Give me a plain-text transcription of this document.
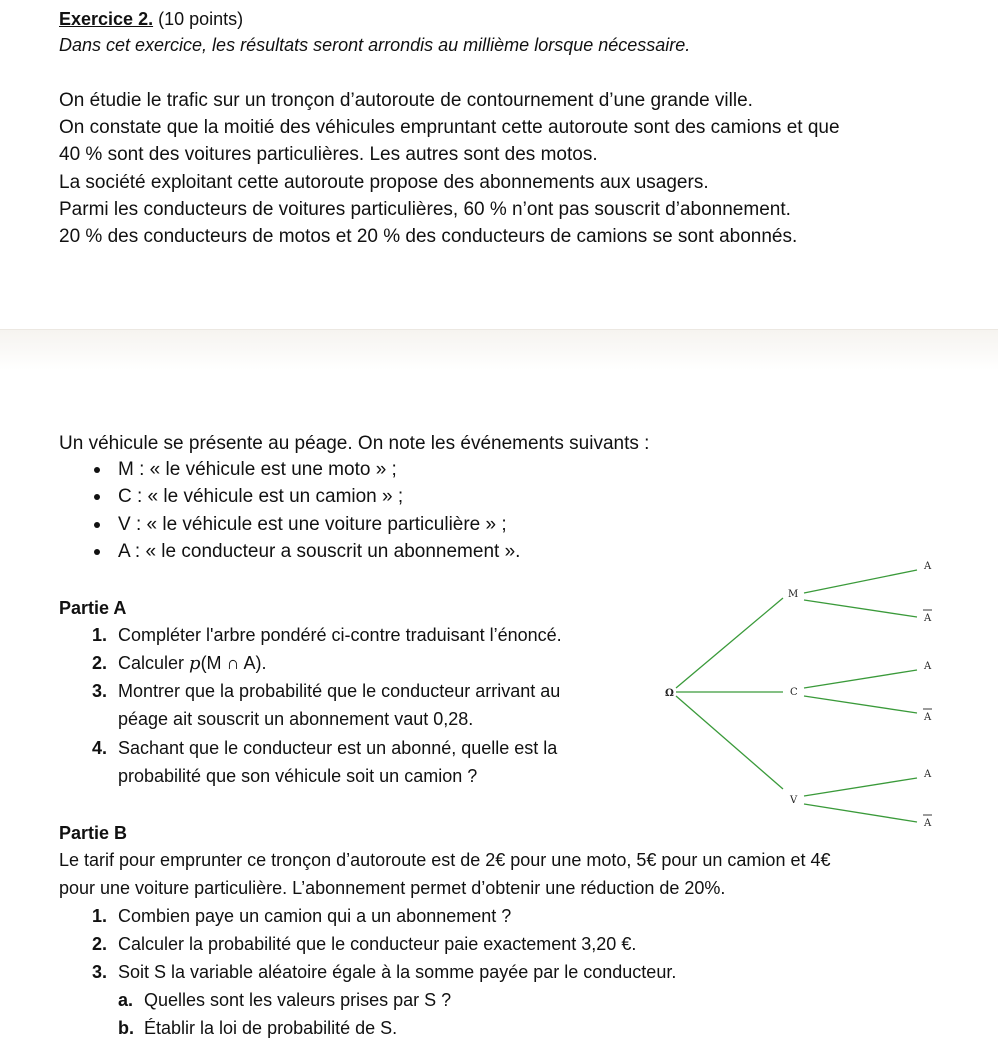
Exercice 2. (10 points)
Dans cet exercice, les résultats seront arrondis au millième lorsque nécessaire.
On étudie le trafic sur un tronçon d’autoroute de contournement d’une grande ville.
On constate que la moitié des véhicules empruntant cette autoroute sont des camions et que
40 % sont des voitures particulières. Les autres sont des motos.
La société exploitant cette autoroute propose des abonnements aux usagers.
Parmi les conducteurs de voitures particulières, 60 % n’ont pas souscrit d’abonnement.
20 % des conducteurs de motos et 20 % des conducteurs de camions se sont abonnés.
Un véhicule se présente au péage. On note les événements suivants :
M : « le véhicule est une moto » ;
C : « le véhicule est un camion » ;
V : « le véhicule est une voiture particulière » ;
A : « le conducteur a souscrit un abonnement ».
Partie A
1. Compléter l'arbre pondéré ci-contre traduisant l’énoncé.
2. Calculer p(M ∩ A).
3. Montrer que la probabilité que le conducteur arrivant au
péage ait souscrit un abonnement vaut 0,28.
4. Sachant que le conducteur est un abonné, quelle est la
probabilité que son véhicule soit un camion ?
Ω
M
C
V
A
A
A
A
A
A
Partie B
Le tarif pour emprunter ce tronçon d’autoroute est de 2€ pour une moto, 5€ pour un camion et 4€
pour une voiture particulière. L’abonnement permet d’obtenir une réduction de 20%.
1. Combien paye un camion qui a un abonnement ?
2. Calculer la probabilité que le conducteur paie exactement 3,20 €.
3. Soit S la variable aléatoire égale à la somme payée par le conducteur.
a. Quelles sont les valeurs prises par S ?
b. Établir la loi de probabilité de S.
